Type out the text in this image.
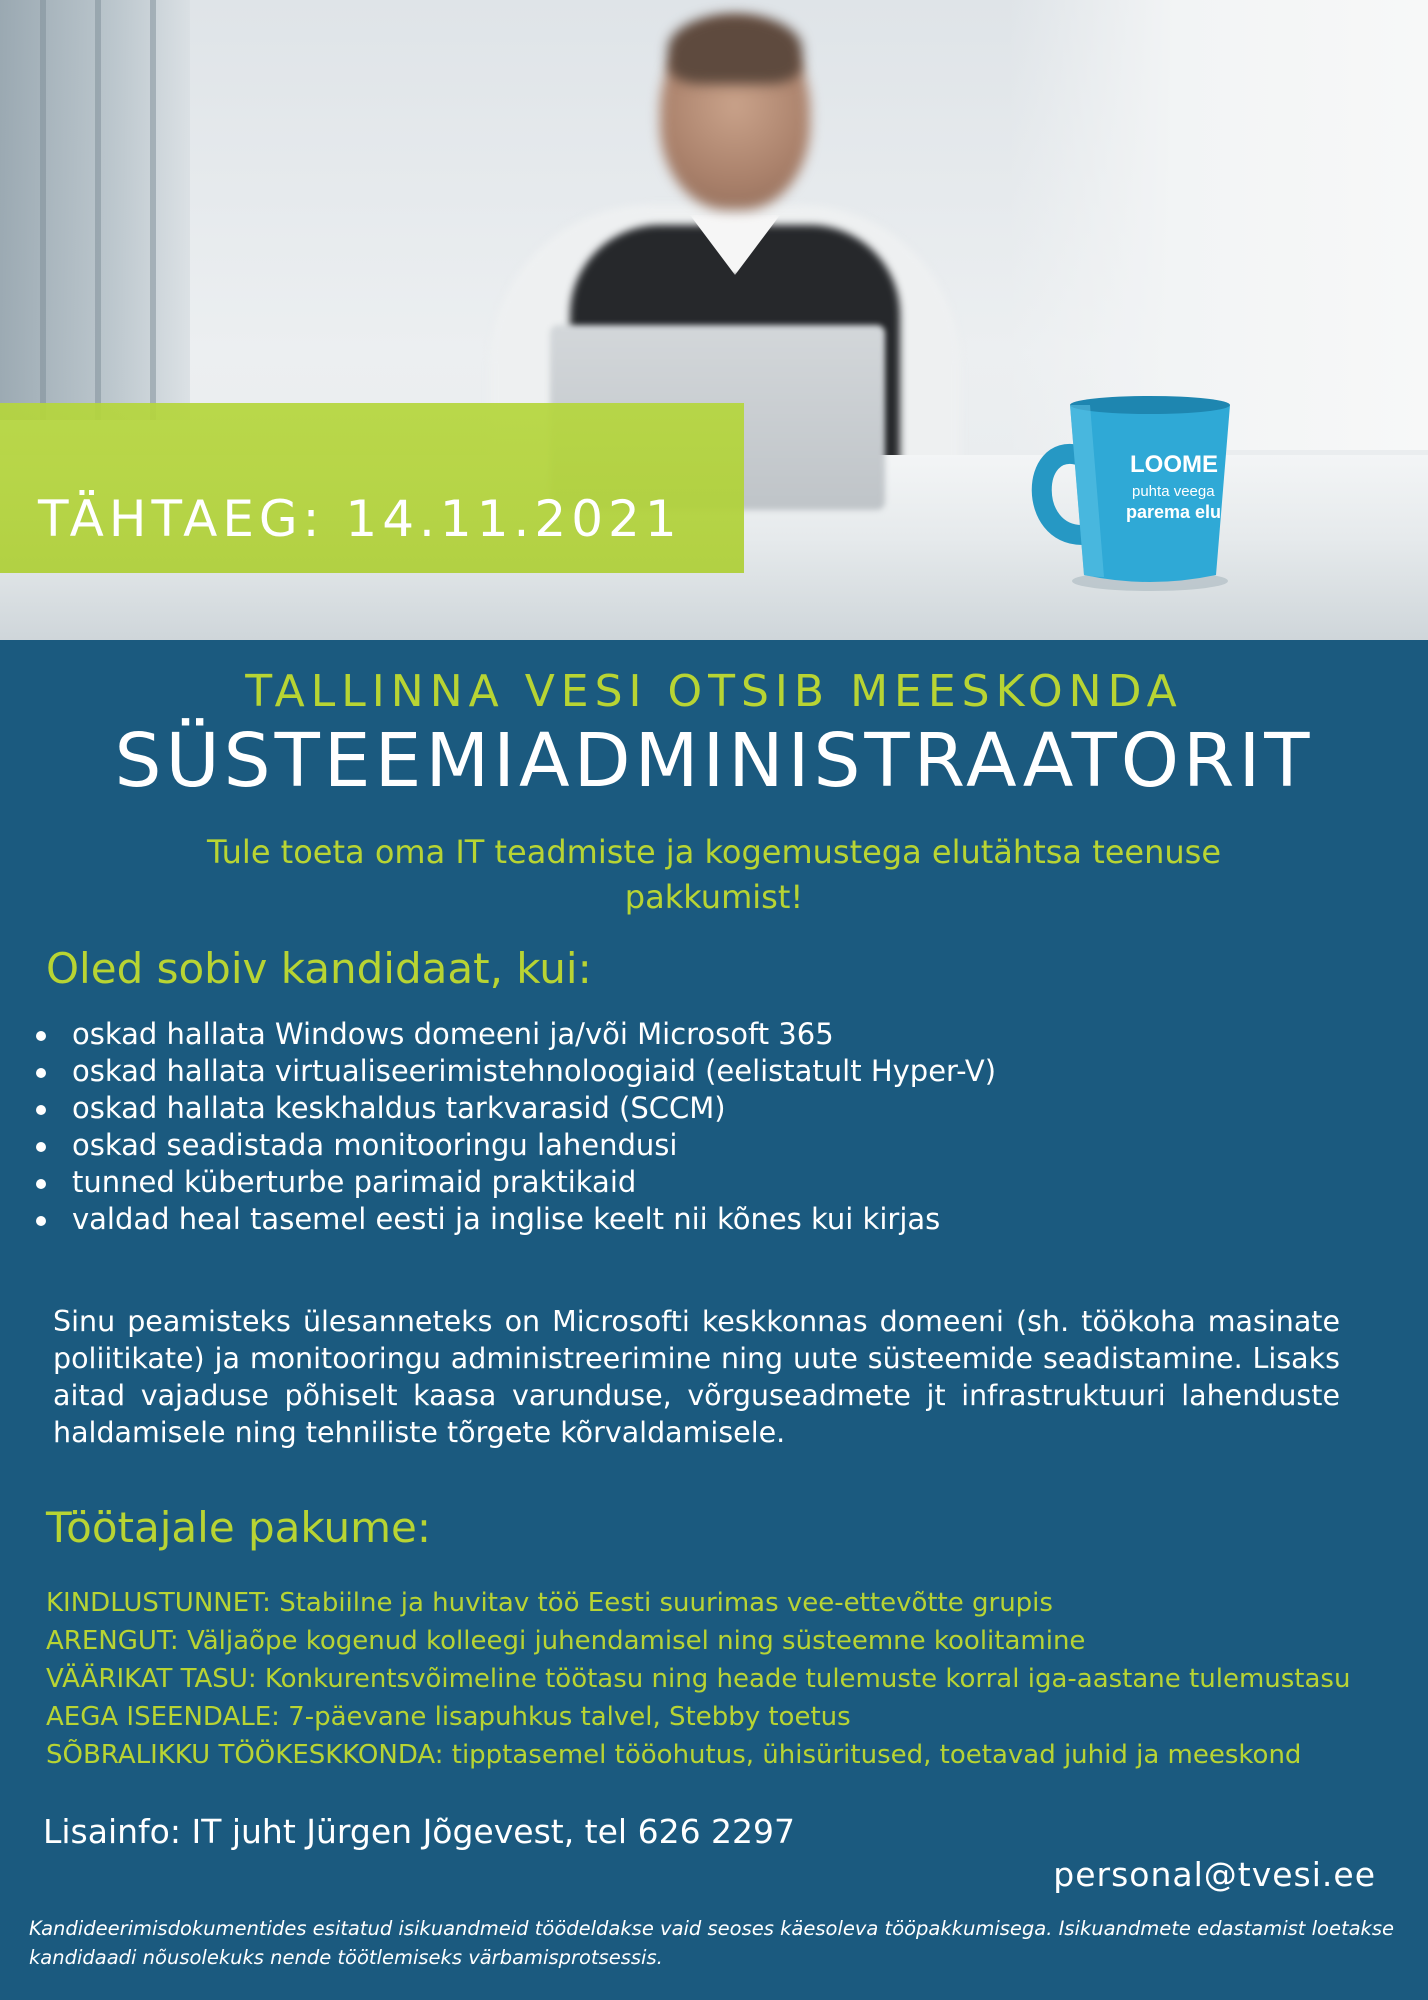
LOOME
puhta veega
parema elu
TÄHTAEG: 14.11.2021
TALLINNA VESI OTSIB MEESKONDA
SÜSTEEMIADMINISTRAATORIT
Tule toeta oma IT teadmiste ja kogemustega elutähtsa teenuse pakkumist!
Oled sobiv kandidaat, kui:
oskad hallata Windows domeeni ja/või Microsoft 365
oskad hallata virtualiseerimistehnoloogiaid (eelistatult Hyper-V)
oskad hallata keskhaldus tarkvarasid (SCCM)
oskad seadistada monitooringu lahendusi
tunned küberturbe parimaid praktikaid
valdad heal tasemel eesti ja inglise keelt nii kõnes kui kirjas

Sinu peamisteks ülesanneteks on Microsofti keskkonnas domeeni (sh. töökoha masinate poliitikate) ja monitooringu administreerimine ning uute süsteemide seadistamine. Lisaks aitad vajaduse põhiselt kaasa varunduse, võrguseadmete jt infrastruktuuri lahenduste haldamisele ning tehniliste tõrgete kõrvaldamisele.

Töötajale pakume:
KINDLUSTUNNET: Stabiilne ja huvitav töö Eesti suurimas vee-ettevõtte grupis
ARENGUT: Väljaõpe kogenud kolleegi juhendamisel ning süsteemne koolitamine
VÄÄRIKAT TASU: Konkurentsvõimeline töötasu ning heade tulemuste korral iga-aastane tulemustasu
AEGA ISEENDALE: 7-päevane lisapuhkus talvel, Stebby toetus
SÕBRALIKKU TÖÖKESKKONDA: tipptasemel tööohutus, ühisüritused, toetavad juhid ja meeskond
Lisainfo: IT juht Jürgen Jõgevest, tel 626 2297
personal@tvesi.ee

Kandideerimisdokumentides esitatud isikuandmeid töödeldakse vaid seoses käesoleva tööpakkumisega. Isikuandmete edastamist loetakse kandidaadi nõusolekuks nende töötlemiseks värbamisprotsessis.
